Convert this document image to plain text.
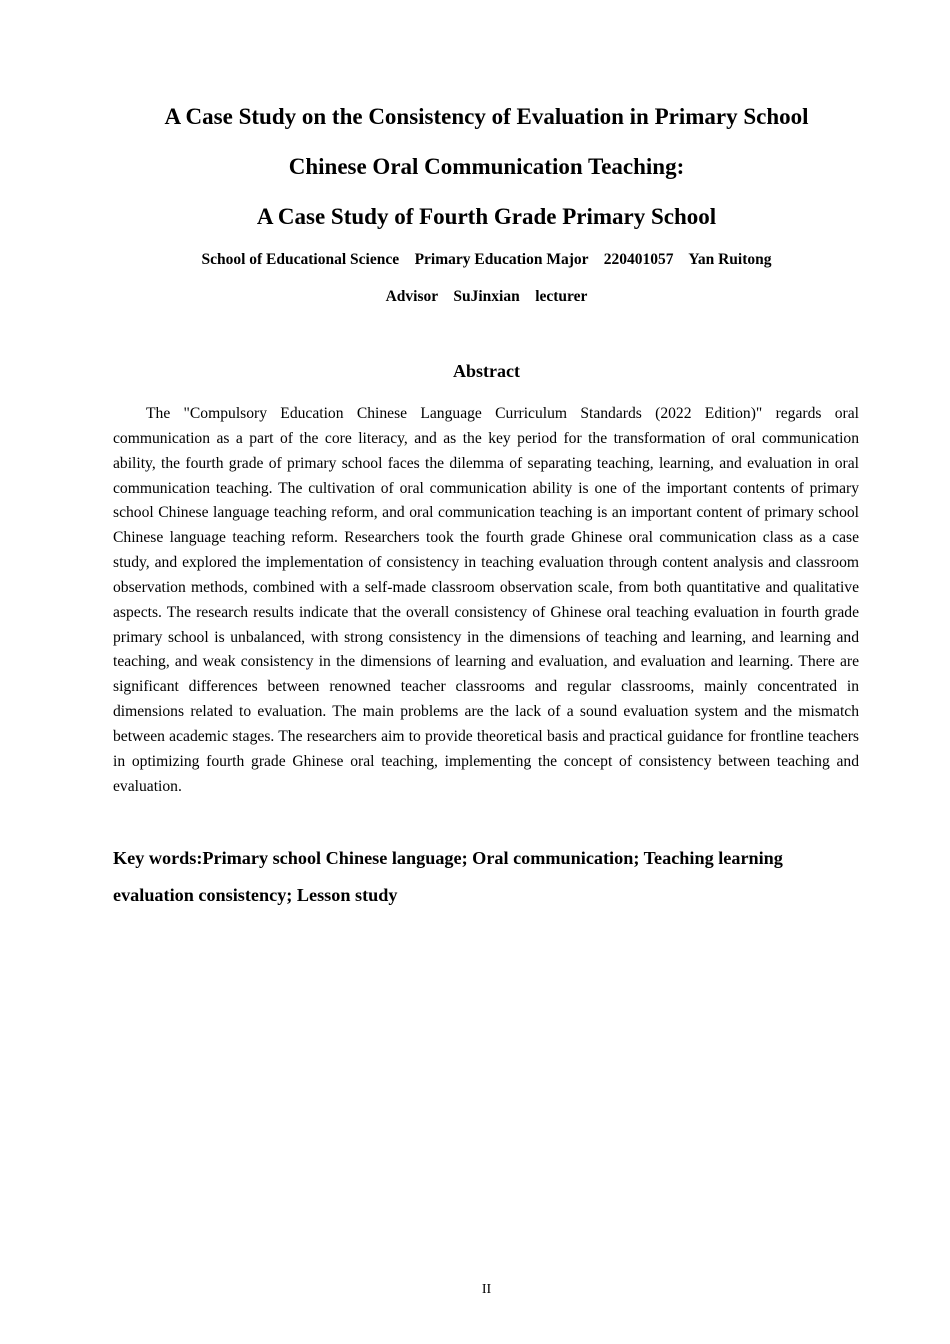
A Case Study on the Consistency of Evaluation in Primary School
Chinese Oral Communication Teaching:
A Case Study of Fourth Grade Primary School
School of Educational Science    Primary Education Major    220401057    Yan Ruitong
Advisor    SuJinxian    lecturer
Abstract

The "Compulsory Education Chinese Language Curriculum Standards (2022 Edition)" regards oral communication as a part of the core literacy, and as the key period for the transformation of oral communication ability, the fourth grade of primary school faces the dilemma of separating teaching, learning, and evaluation in oral communication teaching. The cultivation of oral communication ability is one of the important contents of primary school Chinese language teaching reform, and oral communication teaching is an important content of primary school Chinese language teaching reform. Researchers took the fourth grade Ghinese oral communication class as a case study, and explored the implementation of consistency in teaching evaluation through content analysis and classroom observation methods, combined with a self-made classroom observation scale, from both quantitative and qualitative aspects. The research results indicate that the overall consistency of Ghinese oral teaching evaluation in fourth grade primary school is unbalanced, with strong consistency in the dimensions of teaching and learning, and learning and teaching, and weak consistency in the dimensions of learning and evaluation, and evaluation and learning. There are significant differences between renowned teacher classrooms and regular classrooms, mainly concentrated in dimensions related to evaluation. The main problems are the lack of a sound evaluation system and the mismatch between academic stages. The researchers aim to provide theoretical basis and practical guidance for frontline teachers in optimizing fourth grade Ghinese oral teaching, implementing the concept of consistency between teaching and evaluation.

Key words:Primary school Chinese language; Oral communication; Teaching learning evaluation consistency; Lesson study

II
